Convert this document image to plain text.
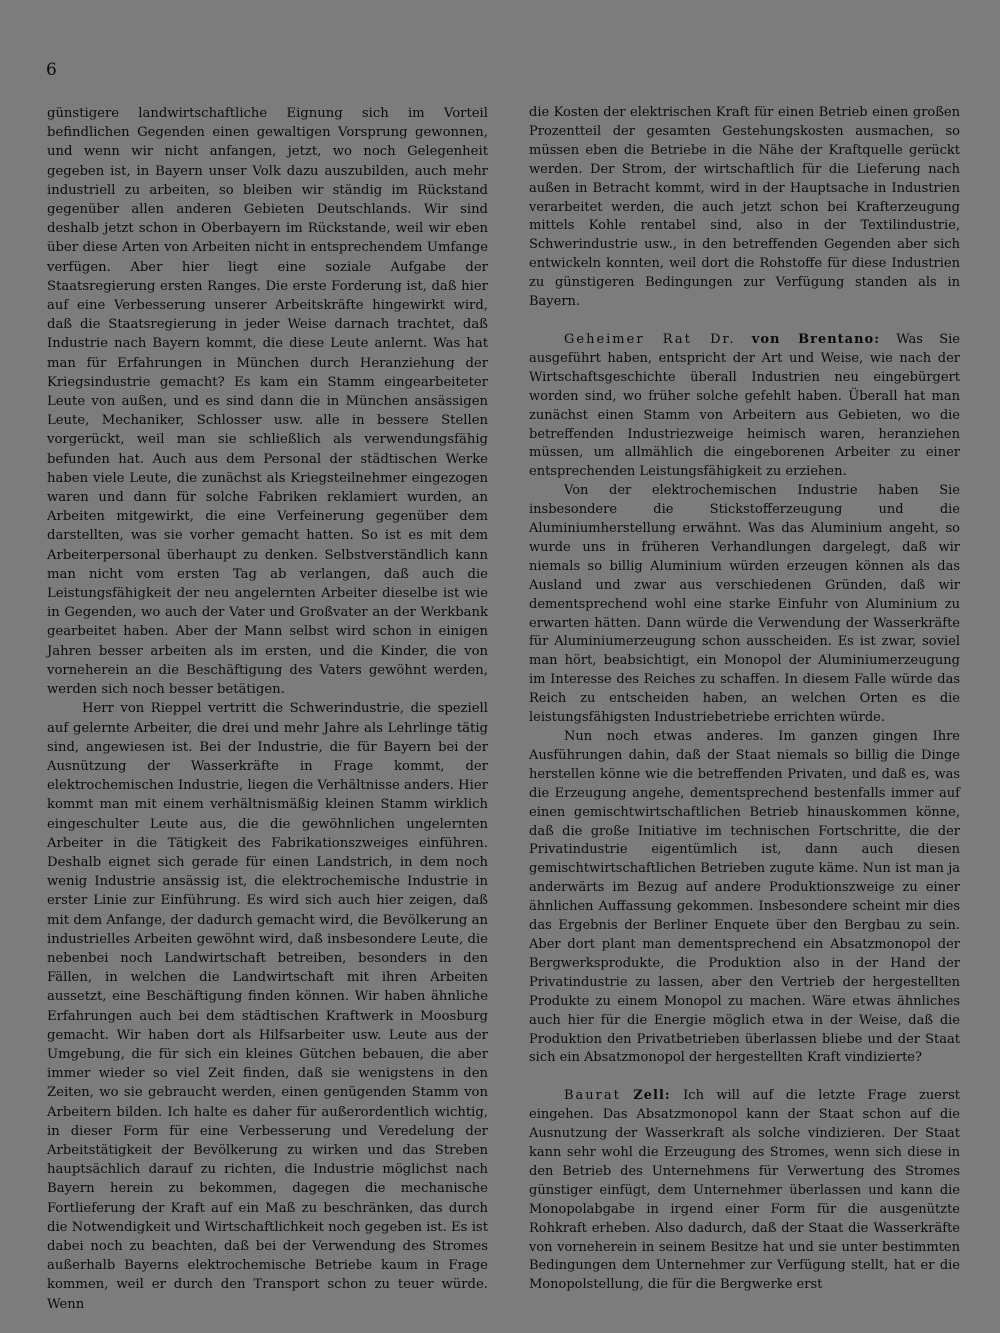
6

günstigere landwirtschaftliche Eignung sich im Vorteil befindlichen Gegenden einen gewaltigen Vorsprung gewonnen, und wenn wir nicht anfangen, jetzt, wo noch Gelegenheit gegeben ist, in Bayern unser Volk dazu auszubilden, auch mehr industriell zu arbeiten, so bleiben wir ständig im Rückstand gegenüber allen anderen Gebieten Deutschlands. Wir sind deshalb jetzt schon in Oberbayern im Rückstande, weil wir eben über diese Arten von Arbeiten nicht in entsprechendem Umfange verfügen. Aber hier liegt eine soziale Aufgabe der Staatsregierung ersten Ranges. Die erste Forderung ist, daß hier auf eine Verbesserung unserer Arbeitskräfte hingewirkt wird, daß die Staatsregierung in jeder Weise darnach trachtet, daß Industrie nach Bayern kommt, die diese Leute anlernt. Was hat man für Erfahrungen in München durch Heranziehung der Kriegsindustrie gemacht? Es kam ein Stamm eingearbeiteter Leute von außen, und es sind dann die in München ansässigen Leute, Mechaniker, Schlosser usw. alle in bessere Stellen vorgerückt, weil man sie schließlich als verwendungsfähig befunden hat. Auch aus dem Personal der städtischen Werke haben viele Leute, die zunächst als Kriegsteilnehmer eingezogen waren und dann für solche Fabriken reklamiert wurden, an Arbeiten mitgewirkt, die eine Verfeinerung gegenüber dem darstellten, was sie vorher gemacht hatten. So ist es mit dem Arbeiterpersonal überhaupt zu denken. Selbstverständlich kann man nicht vom ersten Tag ab verlangen, daß auch die Leistungsfähigkeit der neu angelernten Arbeiter dieselbe ist wie in Gegenden, wo auch der Vater und Großvater an der Werkbank gearbeitet haben. Aber der Mann selbst wird schon in einigen Jahren besser arbeiten als im ersten, und die Kinder, die von vorneherein an die Beschäftigung des Vaters gewöhnt werden, werden sich noch besser betätigen.

Herr von Rieppel vertritt die Schwerindustrie, die speziell auf gelernte Arbeiter, die drei und mehr Jahre als Lehrlinge tätig sind, angewiesen ist. Bei der Industrie, die für Bayern bei der Ausnützung der Wasserkräfte in Frage kommt, der elektrochemischen Industrie, liegen die Verhältnisse anders. Hier kommt man mit einem verhältnismäßig kleinen Stamm wirklich eingeschulter Leute aus, die die gewöhnlichen ungelernten Arbeiter in die Tätigkeit des Fabrikationszweiges einführen. Deshalb eignet sich gerade für einen Landstrich, in dem noch wenig Industrie ansässig ist, die elektrochemische Industrie in erster Linie zur Einführung. Es wird sich auch hier zeigen, daß mit dem Anfange, der dadurch gemacht wird, die Bevölkerung an industrielles Arbeiten gewöhnt wird, daß insbesondere Leute, die nebenbei noch Landwirtschaft betreiben, besonders in den Fällen, in welchen die Landwirtschaft mit ihren Arbeiten aussetzt, eine Beschäftigung finden können. Wir haben ähnliche Erfahrungen auch bei dem städtischen Kraftwerk in Moosburg gemacht. Wir haben dort als Hilfsarbeiter usw. Leute aus der Umgebung, die für sich ein kleines Gütchen bebauen, die aber immer wieder so viel Zeit finden, daß sie wenigstens in den Zeiten, wo sie gebraucht werden, einen genügenden Stamm von Arbeitern bilden. Ich halte es daher für außerordentlich wichtig, in dieser Form für eine Verbesserung und Veredelung der Arbeitstätigkeit der Bevölkerung zu wirken und das Streben hauptsächlich darauf zu richten, die Industrie möglichst nach Bayern herein zu bekommen, dagegen die mechanische Fortlieferung der Kraft auf ein Maß zu beschränken, das durch die Notwendigkeit und Wirtschaftlichkeit noch gegeben ist. Es ist dabei noch zu beachten, daß bei der Verwendung des Stromes außerhalb Bayerns elektrochemische Betriebe kaum in Frage kommen, weil er durch den Transport schon zu teuer würde. Wenn

die Kosten der elektrischen Kraft für einen Betrieb einen großen Prozentteil der gesamten Gestehungskosten ausmachen, so müssen eben die Betriebe in die Nähe der Kraftquelle gerückt werden. Der Strom, der wirtschaftlich für die Lieferung nach außen in Betracht kommt, wird in der Hauptsache in Industrien verarbeitet werden, die auch jetzt schon bei Krafterzeugung mittels Kohle rentabel sind, also in der Textilindustrie, Schwerindustrie usw., in den betreffenden Gegenden aber sich entwickeln konnten, weil dort die Rohstoffe für diese Industrien zu günstigeren Bedingungen zur Verfügung standen als in Bayern.

Geheimer Rat Dr. von Brentano: Was Sie ausgeführt haben, entspricht der Art und Weise, wie nach der Wirtschaftsgeschichte überall Industrien neu eingebürgert worden sind, wo früher solche gefehlt haben. Überall hat man zunächst einen Stamm von Arbeitern aus Gebieten, wo die betreffenden Industriezweige heimisch waren, heranziehen müssen, um allmählich die eingeborenen Arbeiter zu einer entsprechenden Leistungsfähigkeit zu erziehen.

Von der elektrochemischen Industrie haben Sie insbesondere die Stickstofferzeugung und die Aluminiumherstellung erwähnt. Was das Aluminium angeht, so wurde uns in früheren Verhandlungen dargelegt, daß wir niemals so billig Aluminium würden erzeugen können als das Ausland und zwar aus verschiedenen Gründen, daß wir dementsprechend wohl eine starke Einfuhr von Aluminium zu erwarten hätten. Dann würde die Verwendung der Wasserkräfte für Aluminiumerzeugung schon ausscheiden. Es ist zwar, soviel man hört, beabsichtigt, ein Monopol der Aluminiumerzeugung im Interesse des Reiches zu schaffen. In diesem Falle würde das Reich zu entscheiden haben, an welchen Orten es die leistungsfähigsten Industriebetriebe errichten würde.

Nun noch etwas anderes. Im ganzen gingen Ihre Ausführungen dahin, daß der Staat niemals so billig die Dinge herstellen könne wie die betreffenden Privaten, und daß es, was die Erzeugung angehe, dementsprechend bestenfalls immer auf einen gemischtwirtschaftlichen Betrieb hinauskommen könne, daß die große Initiative im technischen Fortschritte, die der Privatindustrie eigentümlich ist, dann auch diesen gemischtwirtschaftlichen Betrieben zugute käme. Nun ist man ja anderwärts im Bezug auf andere Produktionszweige zu einer ähnlichen Auffassung gekommen. Insbesondere scheint mir dies das Ergebnis der Berliner Enquete über den Bergbau zu sein. Aber dort plant man dementsprechend ein Absatzmonopol der Bergwerksprodukte, die Produktion also in der Hand der Privatindustrie zu lassen, aber den Vertrieb der hergestellten Produkte zu einem Monopol zu machen. Wäre etwas ähnliches auch hier für die Energie möglich etwa in der Weise, daß die Produktion den Privatbetrieben überlassen bliebe und der Staat sich ein Absatzmonopol der hergestellten Kraft vindizierte?

Baurat Zell: Ich will auf die letzte Frage zuerst eingehen. Das Absatzmonopol kann der Staat schon auf die Ausnutzung der Wasserkraft als solche vindizieren. Der Staat kann sehr wohl die Erzeugung des Stromes, wenn sich diese in den Betrieb des Unternehmens für Verwertung des Stromes günstiger einfügt, dem Unternehmer überlassen und kann die Monopolabgabe in irgend einer Form für die ausgenützte Rohkraft erheben. Also dadurch, daß der Staat die Wasserkräfte von vorneherein in seinem Besitze hat und sie unter bestimmten Bedingungen dem Unternehmer zur Verfügung stellt, hat er die Monopolstellung, die für die Bergwerke erst
